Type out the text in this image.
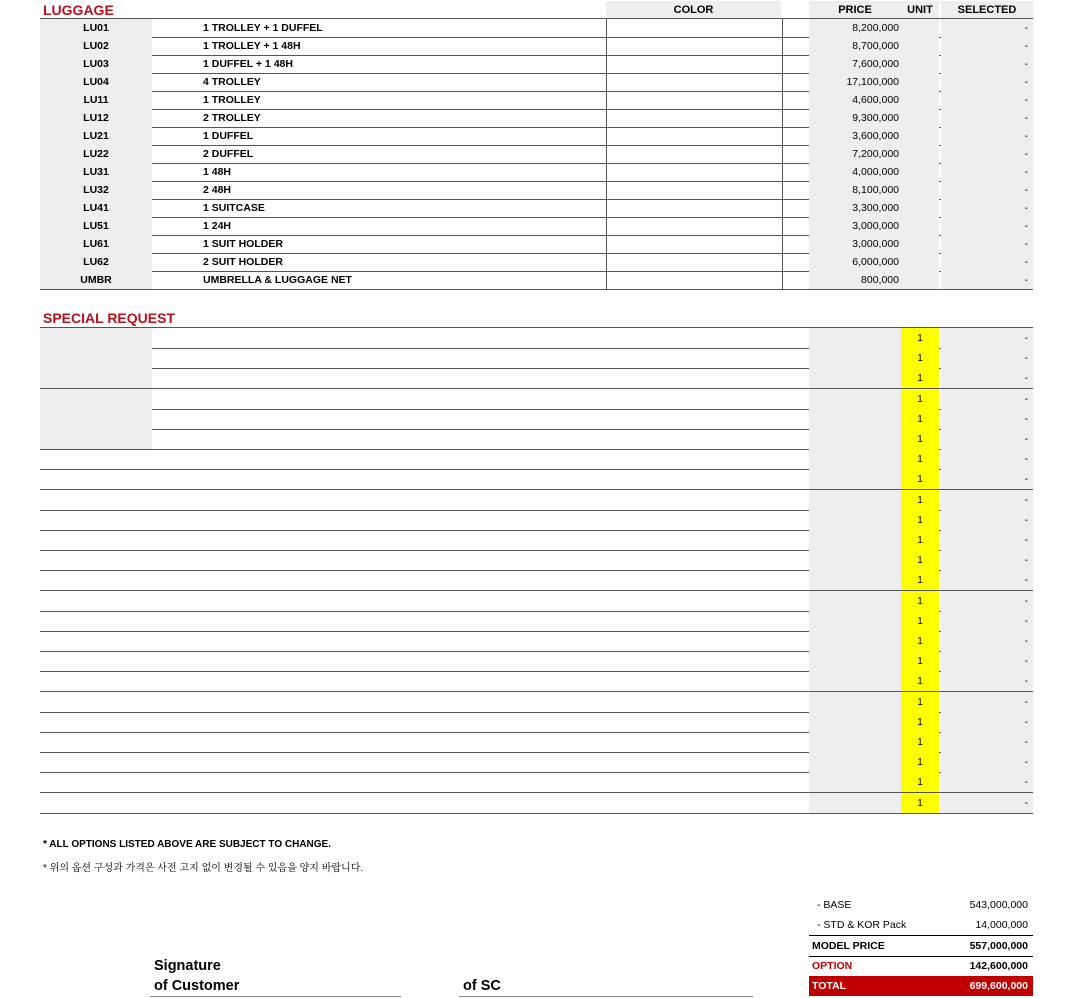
LUGGAGE	COLOR	PRICE	UNIT	SELECTED
LU01	1 TROLLEY + 1 DUFFEL	8,200,000	-
LU02	1 TROLLEY + 1 48H	8,700,000	-
LU03	1 DUFFEL + 1 48H	7,600,000	-
LU04	4 TROLLEY	17,100,000	-
LU11	1 TROLLEY	4,600,000	-
LU12	2 TROLLEY	9,300,000	-
LU21	1 DUFFEL	3,600,000	-
LU22	2 DUFFEL	7,200,000	-
LU31	1 48H	4,000,000	-
LU32	2 48H	8,100,000	-
LU41	1 SUITCASE	3,300,000	-
LU51	1 24H	3,000,000	-
LU61	1 SUIT HOLDER	3,000,000	-
LU62	2 SUIT HOLDER	6,000,000	-
UMBR	UMBRELLA & LUGGAGE NET	800,000	-
SPECIAL REQUEST
1	-
1	-
1	-
1	-
1	-
1	-
1	-
1	-
1	-
1	-
1	-
1	-
1	-
1	-
1	-
1	-
1	-
1	-
1	-
1	-
1	-
1	-
1	-
1	-
* ALL OPTIONS LISTED ABOVE ARE SUBJECT TO CHANGE.
* 위의 옵션 구성과 가격은 사전 고지 없이 변경될 수 있음을 양지 바랍니다.
- BASE	543,000,000
- STD & KOR Pack	14,000,000
MODEL PRICE	557,000,000
OPTION	142,600,000
TOTAL	699,600,000
Signature
of Customer	of SC
